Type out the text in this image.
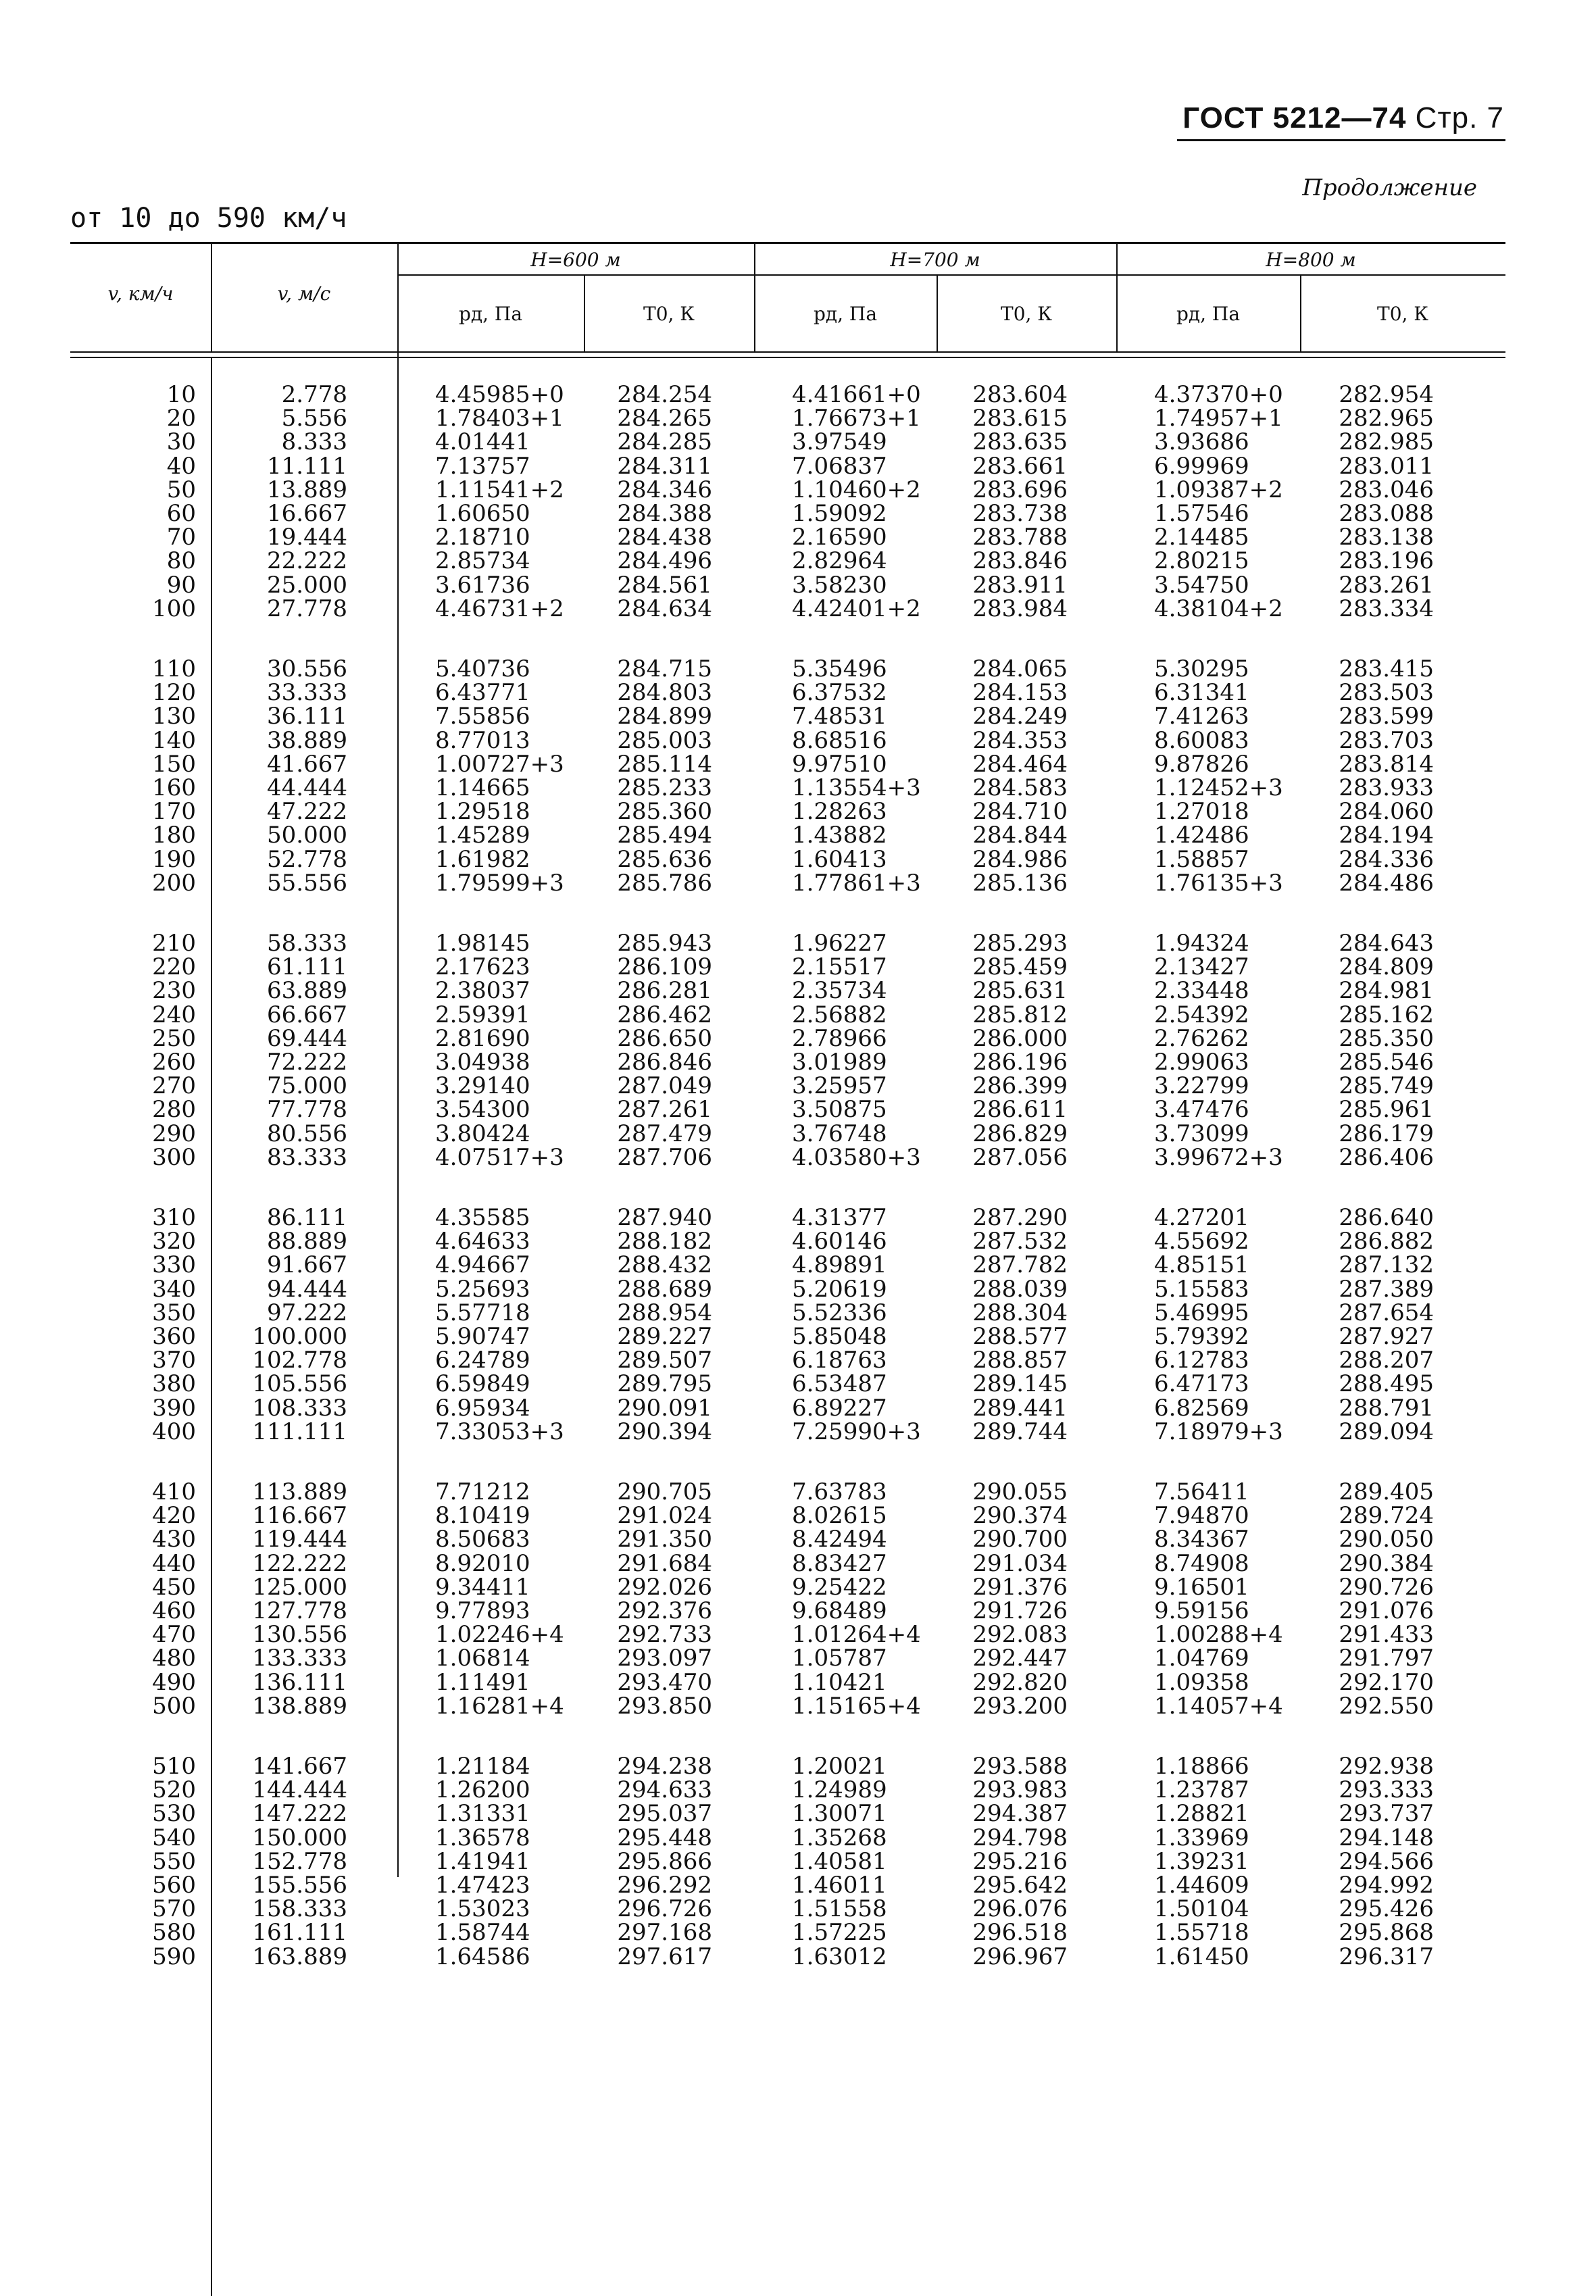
ГОСТ 5212—74 Стр. 7
Продолжение
от 10 до 590 км/ч
H=600 м	H=700 м	H=800 м
v, км/ч	v, м/с
pд, Па	T0, К	pд, Па	T0, К	pд, Па	T0, К
10	2.778	4.45985+0 284.254	4.41661+0 283.604	4.37370+0 282.954
20	5.556	1.78403+1 284.265	1.76673+1 283.615	1.74957+1 282.965
30	8.333	4.01441	284.285	3.97549	283.635	3.93686	282.985
40	11.111	7.13757	284.311	7.06837	283.661	6.99969	283.011
50	13.889	1.11541+2 284.346	1.10460+2 283.696	1.09387+2 283.046
60	16.667	1.60650	284.388	1.59092	283.738	1.57546	283.088
70	19.444	2.18710	284.438	2.16590	283.788	2.14485	283.138
80	22.222	2.85734	284.496	2.82964	283.846	2.80215	283.196
90	25.000	3.61736	284.561	3.58230	283.911	3.54750	283.261
100	27.778	4.46731+2 284.634	4.42401+2 283.984	4.38104+2 283.334
110	30.556	5.40736	284.715	5.35496	284.065	5.30295	283.415
120	33.333	6.43771	284.803	6.37532	284.153	6.31341	283.503
130	36.111	7.55856	284.899	7.48531	284.249	7.41263	283.599
140	38.889	8.77013	285.003	8.68516	284.353	8.60083	283.703
150	41.667	1.00727+3 285.114	9.97510	284.464	9.87826	283.814
160	44.444	1.14665	285.233	1.13554+3 284.583	1.12452+3 283.933
170	47.222	1.29518	285.360	1.28263	284.710	1.27018	284.060
180	50.000	1.45289	285.494	1.43882	284.844	1.42486	284.194
190	52.778	1.61982	285.636	1.60413	284.986	1.58857	284.336
200	55.556	1.79599+3 285.786	1.77861+3 285.136	1.76135+3 284.486
210	58.333	1.98145	285.943	1.96227	285.293	1.94324	284.643
220	61.111	2.17623	286.109	2.15517	285.459	2.13427	284.809
230	63.889	2.38037	286.281	2.35734	285.631	2.33448	284.981
240	66.667	2.59391	286.462	2.56882	285.812	2.54392	285.162
250	69.444	2.81690	286.650	2.78966	286.000	2.76262	285.350
260	72.222	3.04938	286.846	3.01989	286.196	2.99063	285.546
270	75.000	3.29140	287.049	3.25957	286.399	3.22799	285.749
280	77.778	3.54300	287.261	3.50875	286.611	3.47476	285.961
290	80.556	3.80424	287.479	3.76748	286.829	3.73099	286.179
300	83.333	4.07517+3 287.706	4.03580+3 287.056	3.99672+3 286.406
310	86.111	4.35585	287.940	4.31377	287.290	4.27201	286.640
320	88.889	4.64633	288.182	4.60146	287.532	4.55692	286.882
330	91.667	4.94667	288.432	4.89891	287.782	4.85151	287.132
340	94.444	5.25693	288.689	5.20619	288.039	5.15583	287.389
350	97.222	5.57718	288.954	5.52336	288.304	5.46995	287.654
360 100.000	5.90747	289.227	5.85048	288.577	5.79392	287.927
370 102.778	6.24789	289.507	6.18763	288.857	6.12783	288.207
380 105.556	6.59849	289.795	6.53487	289.145	6.47173	288.495
390 108.333	6.95934	290.091	6.89227	289.441	6.82569	288.791
400 111.111	7.33053+3 290.394	7.25990+3 289.744	7.18979+3 289.094
410 113.889	7.71212	290.705	7.63783	290.055	7.56411	289.405
420 116.667	8.10419	291.024	8.02615	290.374	7.94870	289.724
430 119.444	8.50683	291.350	8.42494	290.700	8.34367	290.050
440 122.222	8.92010	291.684	8.83427	291.034	8.74908	290.384
450 125.000	9.34411	292.026	9.25422	291.376	9.16501	290.726
460 127.778	9.77893	292.376	9.68489	291.726	9.59156	291.076
470 130.556	1.02246+4 292.733	1.01264+4 292.083	1.00288+4 291.433
480 133.333	1.06814	293.097	1.05787	292.447	1.04769	291.797
490 136.111	1.11491	293.470	1.10421	292.820	1.09358	292.170
500 138.889	1.16281+4 293.850	1.15165+4 293.200	1.14057+4 292.550
510 141.667	1.21184	294.238	1.20021	293.588	1.18866	292.938
520 144.444	1.26200	294.633	1.24989	293.983	1.23787	293.333
530 147.222	1.31331	295.037	1.30071	294.387	1.28821	293.737
540 150.000	1.36578	295.448	1.35268	294.798	1.33969	294.148
550 152.778	1.41941	295.866	1.40581	295.216	1.39231	294.566
560 155.556	1.47423	296.292	1.46011	295.642	1.44609	294.992
570 158.333	1.53023	296.726	1.51558	296.076	1.50104	295.426
580 161.111	1.58744	297.168	1.57225	296.518	1.55718	295.868
590 163.889	1.64586	297.617	1.63012	296.967	1.61450	296.317
